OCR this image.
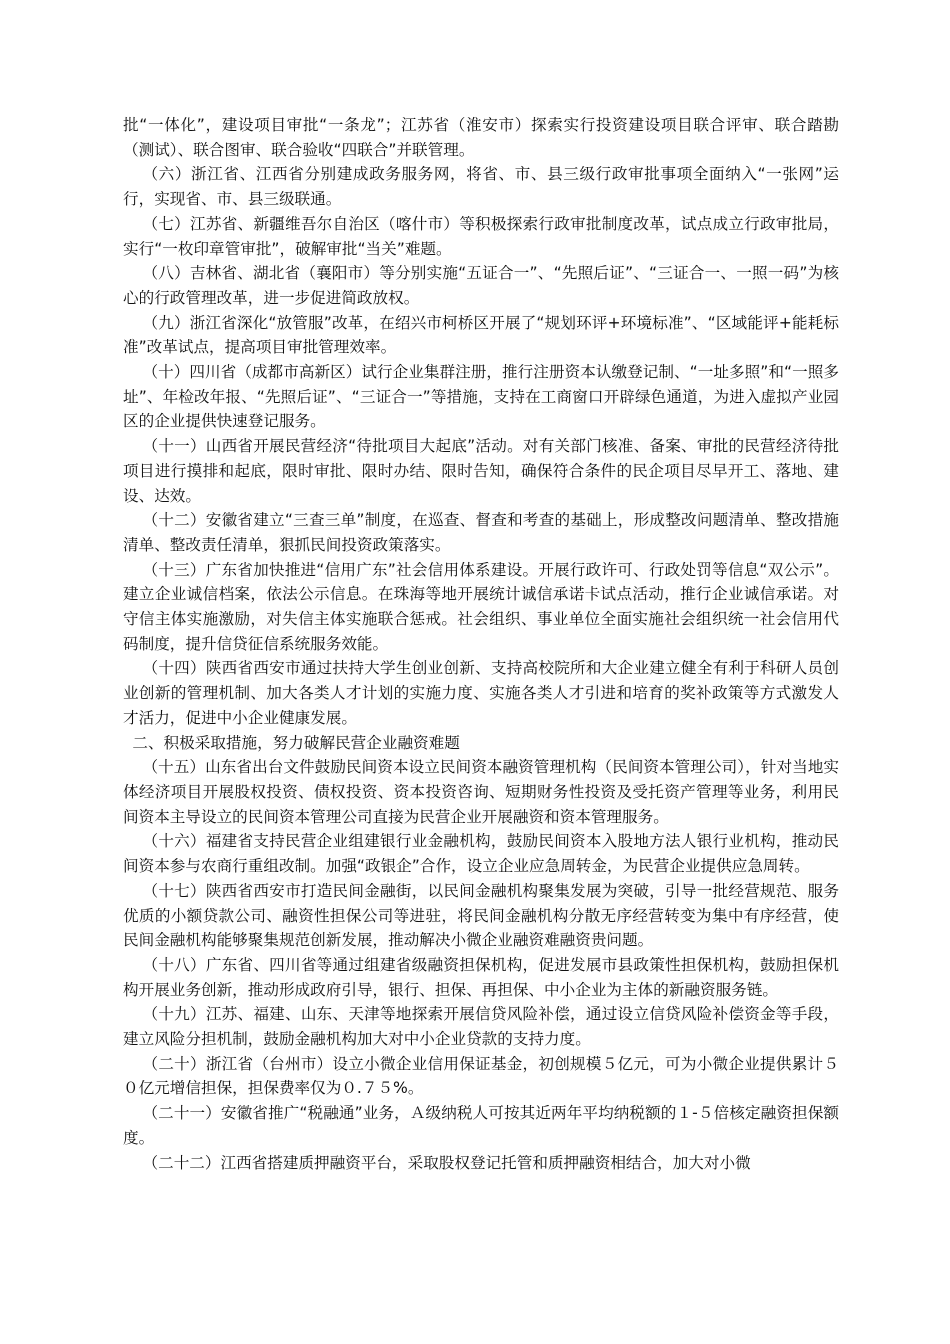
批“一体化”，建设项目审批“一条龙”；江苏省（淮安市）探索实行投资建设项目联合评审、联合踏勘（测试）、联合图审、联合验收“四联合”并联管理。

（六）浙江省、江西省分别建成政务服务网，将省、市、县三级行政审批事项全面纳入“一张网”运行，实现省、市、县三级联通。

（七）江苏省、新疆维吾尔自治区（喀什市）等积极探索行政审批制度改革，试点成立行政审批局，实行“一枚印章管审批”，破解审批“当关”难题。

（八）吉林省、湖北省（襄阳市）等分别实施“五证合一”、“先照后证”、“三证合一、一照一码”为核心的行政管理改革，进一步促进简政放权。

（九）浙江省深化“放管服”改革，在绍兴市柯桥区开展了“规划环评+环境标准”、“区域能评+能耗标准”改革试点，提高项目审批管理效率。

（十）四川省（成都市高新区）试行企业集群注册，推行注册资本认缴登记制、“一址多照”和“一照多址”、年检改年报、“先照后证”、“三证合一”等措施，支持在工商窗口开辟绿色通道，为进入虚拟产业园区的企业提供快速登记服务。

（十一）山西省开展民营经济“待批项目大起底”活动。对有关部门核准、备案、审批的民营经济待批项目进行摸排和起底，限时审批、限时办结、限时告知，确保符合条件的民企项目尽早开工、落地、建设、达效。

（十二）安徽省建立“三查三单”制度，在巡查、督查和考查的基础上，形成整改问题清单、整改措施清单、整改责任清单，狠抓民间投资政策落实。

（十三）广东省加快推进“信用广东”社会信用体系建设。开展行政许可、行政处罚等信息“双公示”。建立企业诚信档案，依法公示信息。在珠海等地开展统计诚信承诺卡试点活动，推行企业诚信承诺。对守信主体实施激励，对失信主体实施联合惩戒。社会组织、事业单位全面实施社会组织统一社会信用代码制度，提升信贷征信系统服务效能。

（十四）陕西省西安市通过扶持大学生创业创新、支持高校院所和大企业建立健全有利于科研人员创业创新的管理机制、加大各类人才计划的实施力度、实施各类人才引进和培育的奖补政策等方式激发人才活力，促进中小企业健康发展。

二、积极采取措施，努力破解民营企业融资难题

（十五）山东省出台文件鼓励民间资本设立民间资本融资管理机构（民间资本管理公司），针对当地实体经济项目开展股权投资、债权投资、资本投资咨询、短期财务性投资及受托资产管理等业务，利用民间资本主导设立的民间资本管理公司直接为民营企业开展融资和资本管理服务。

（十六）福建省支持民营企业组建银行业金融机构，鼓励民间资本入股地方法人银行业机构，推动民间资本参与农商行重组改制。加强“政银企”合作，设立企业应急周转金，为民营企业提供应急周转。

（十七）陕西省西安市打造民间金融街，以民间金融机构聚集发展为突破，引导一批经营规范、服务优质的小额贷款公司、融资性担保公司等进驻，将民间金融机构分散无序经营转变为集中有序经营，使民间金融机构能够聚集规范创新发展，推动解决小微企业融资难融资贵问题。

（十八）广东省、四川省等通过组建省级融资担保机构，促进发展市县政策性担保机构，鼓励担保机构开展业务创新，推动形成政府引导，银行、担保、再担保、中小企业为主体的新融资服务链。

（十九）江苏、福建、山东、天津等地探索开展信贷风险补偿，通过设立信贷风险补偿资金等手段，建立风险分担机制，鼓励金融机构加大对中小企业贷款的支持力度。

（二十）浙江省（台州市）设立小微企业信用保证基金，初创规模５亿元，可为小微企业提供累计５０亿元增信担保，担保费率仅为０.７５%。

（二十一）安徽省推广“税融通”业务，Ａ级纳税人可按其近两年平均纳税额的１-５倍核定融资担保额度。

（二十二）江西省搭建质押融资平台，采取股权登记托管和质押融资相结合，加大对小微
